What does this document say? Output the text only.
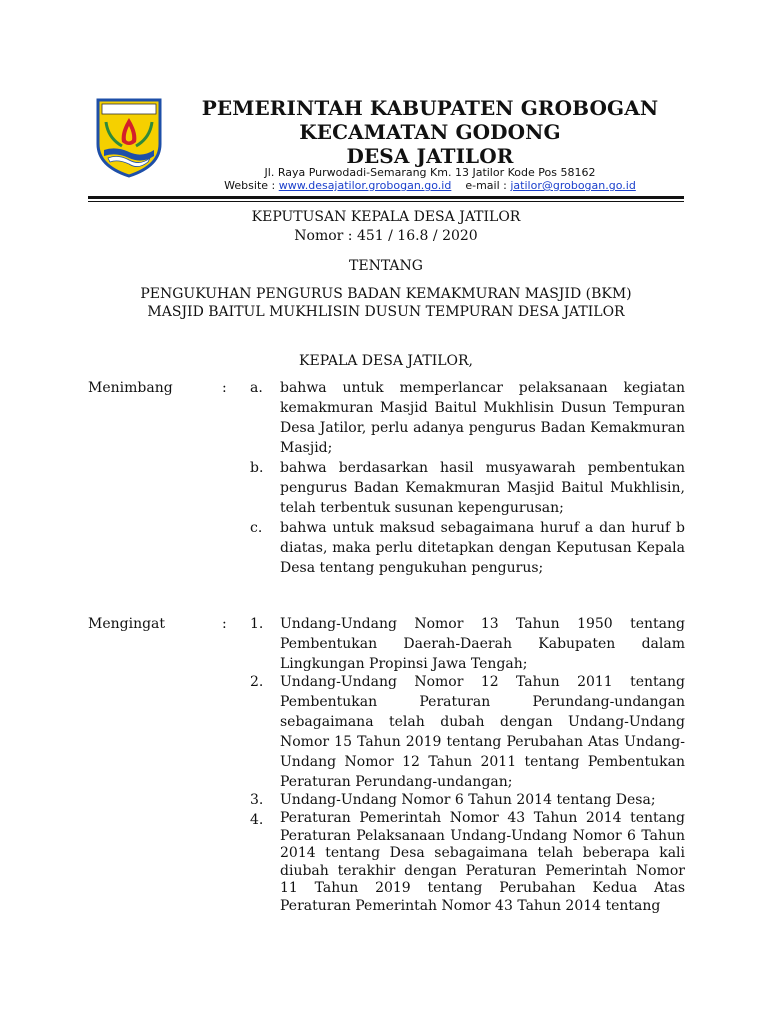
PEMERINTAH KABUPATEN GROBOGAN
KECAMATAN GODONG
DESA JATILOR
Jl. Raya Purwodadi-Semarang Km. 13 Jatilor Kode Pos 58162
Website : www.desajatilor.grobogan.go.id e-mail : jatilor@grobogan.go.id
KEPUTUSAN KEPALA DESA JATILOR
Nomor : 451 / 16.8 / 2020
TENTANG
PENGUKUHAN PENGURUS BADAN KEMAKMURAN MASJID (BKM)
MASJID BAITUL MUKHLISIN DUSUN TEMPURAN DESA JATILOR
KEPALA DESA JATILOR,
Menimbang	:	a.	bahwa untuk memperlancar pelaksanaan kegiatan kemakmuran Masjid Baitul Mukhlisin Dusun Tempuran Desa Jatilor, perlu adanya pengurus Badan Kemakmuran Masjid;
b.	bahwa berdasarkan hasil musyawarah pembentukan pengurus Badan Kemakmuran Masjid Baitul Mukhlisin, telah terbentuk susunan kepengurusan;
c.	bahwa untuk maksud sebagaimana huruf a dan huruf b diatas, maka perlu ditetapkan dengan Keputusan Kepala Desa tentang pengukuhan pengurus;
Mengingat	:	1.	Undang-Undang Nomor 13 Tahun 1950 tentang Pembentukan Daerah-Daerah Kabupaten dalam Lingkungan Propinsi Jawa Tengah;
2.	Undang-Undang Nomor 12 Tahun 2011 tentang Pembentukan Peraturan Perundang-undangan sebagaimana telah dubah dengan Undang-Undang Nomor 15 Tahun 2019 tentang Perubahan Atas Undang-Undang Nomor 12 Tahun 2011 tentang Pembentukan Peraturan Perundang-undangan;
3.	Undang-Undang Nomor 6 Tahun 2014 tentang Desa;
4.	Peraturan Pemerintah Nomor 43 Tahun 2014 tentang Peraturan Pelaksanaan Undang-Undang Nomor 6 Tahun 2014 tentang Desa sebagaimana telah beberapa kali diubah terakhir dengan Peraturan Pemerintah Nomor 11 Tahun 2019 tentang Perubahan Kedua Atas Peraturan Pemerintah Nomor 43 Tahun 2014 tentang
